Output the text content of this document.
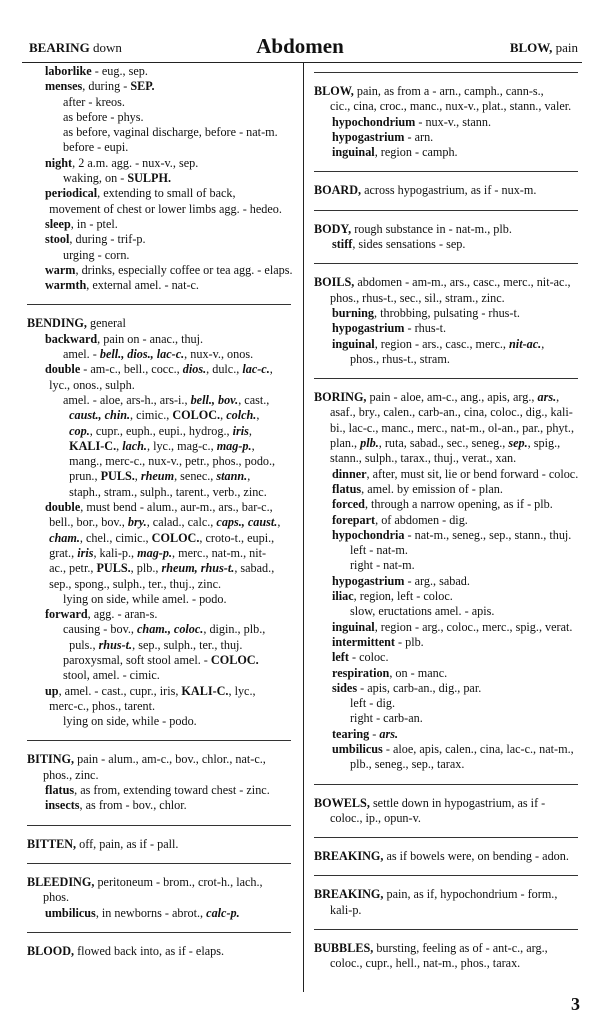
BEARING down	Abdomen	BLOW, pain
laborlike - eug., sep.
menses, during - SEP.
after - kreos.
as before - phys.
as before, vaginal discharge, before - nat-m.
before - eupi.
night, 2 a.m. agg. - nux-v., sep.
waking, on - SULPH.
periodical, extending to small of back,
movement of chest or lower limbs agg. - hedeo.
sleep, in - ptel.
stool, during - trif-p.
urging - corn.
warm, drinks, especially coffee or tea agg. - elaps.
warmth, external amel. - nat-c.
BENDING, general
backward, pain on - anac., thuj.
amel. - bell., dios., lac-c., nux-v., onos.
double - am-c., bell., cocc., dios., dulc., lac-c.,
lyc., onos., sulph.
amel. - aloe, ars-h., ars-i., bell., bov., cast.,
caust., chin., cimic., COLOC., colch.,
cop., cupr., euph., eupi., hydrog., iris,
KALI-C., lach., lyc., mag-c., mag-p.,
mang., merc-c., nux-v., petr., phos., podo.,
prun., PULS., rheum, senec., stann.,
staph., stram., sulph., tarent., verb., zinc.
double, must bend - alum., aur-m., ars., bar-c.,
bell., bor., bov., bry., calad., calc., caps., caust.,
cham., chel., cimic., COLOC., croto-t., eupi.,
grat., iris, kali-p., mag-p., merc., nat-m., nit-
ac., petr., PULS., plb., rheum, rhus-t., sabad.,
sep., spong., sulph., ter., thuj., zinc.
lying on side, while amel. - podo.
forward, agg. - aran-s.
causing - bov., cham., coloc., digin., plb.,
puls., rhus-t., sep., sulph., ter., thuj.
paroxysmal, soft stool amel. - COLOC.
stool, amel. - cimic.
up, amel. - cast., cupr., iris, KALI-C., lyc.,
merc-c., phos., tarent.
lying on side, while - podo.
BITING, pain - alum., am-c., bov., chlor., nat-c.,
phos., zinc.
flatus, as from, extending toward chest - zinc.
insects, as from - bov., chlor.
BITTEN, off, pain, as if - pall.
BLEEDING, peritoneum - brom., crot-h., lach.,
phos.
umbilicus, in newborns - abrot., calc-p.
BLOOD, flowed back into, as if - elaps.
BLOW, pain, as from a - arn., camph., cann-s.,
cic., cina, croc., manc., nux-v., plat., stann., valer.
hypochondrium - nux-v., stann.
hypogastrium - arn.
inguinal, region - camph.
BOARD, across hypogastrium, as if - nux-m.
BODY, rough substance in - nat-m., plb.
stiff, sides sensations - sep.
BOILS, abdomen - am-m., ars., casc., merc., nit-ac.,
phos., rhus-t., sec., sil., stram., zinc.
burning, throbbing, pulsating - rhus-t.
hypogastrium - rhus-t.
inguinal, region - ars., casc., merc., nit-ac.,
phos., rhus-t., stram.
BORING, pain - aloe, am-c., ang., apis, arg., ars.,
asaf., bry., calen., carb-an., cina, coloc., dig., kali-
bi., lac-c., manc., merc., nat-m., ol-an., par., phyt.,
plan., plb., ruta, sabad., sec., seneg., sep., spig.,
stann., sulph., tarax., thuj., verat., xan.
dinner, after, must sit, lie or bend forward - coloc.
flatus, amel. by emission of - plan.
forced, through a narrow opening, as if - plb.
forepart, of abdomen - dig.
hypochondria - nat-m., seneg., sep., stann., thuj.
left - nat-m.
right - nat-m.
hypogastrium - arg., sabad.
iliac, region, left - coloc.
slow, eructations amel. - apis.
inguinal, region - arg., coloc., merc., spig., verat.
intermittent - plb.
left - coloc.
respiration, on - manc.
sides - apis, carb-an., dig., par.
left - dig.
right - carb-an.
tearing - ars.
umbilicus - aloe, apis, calen., cina, lac-c., nat-m.,
plb., seneg., sep., tarax.
BOWELS, settle down in hypogastrium, as if -
coloc., ip., opun-v.
BREAKING, as if bowels were, on bending - adon.
BREAKING, pain, as if, hypochondrium - form.,
kali-p.
BUBBLES, bursting, feeling as of - ant-c., arg.,
coloc., cupr., hell., nat-m., phos., tarax.
3
